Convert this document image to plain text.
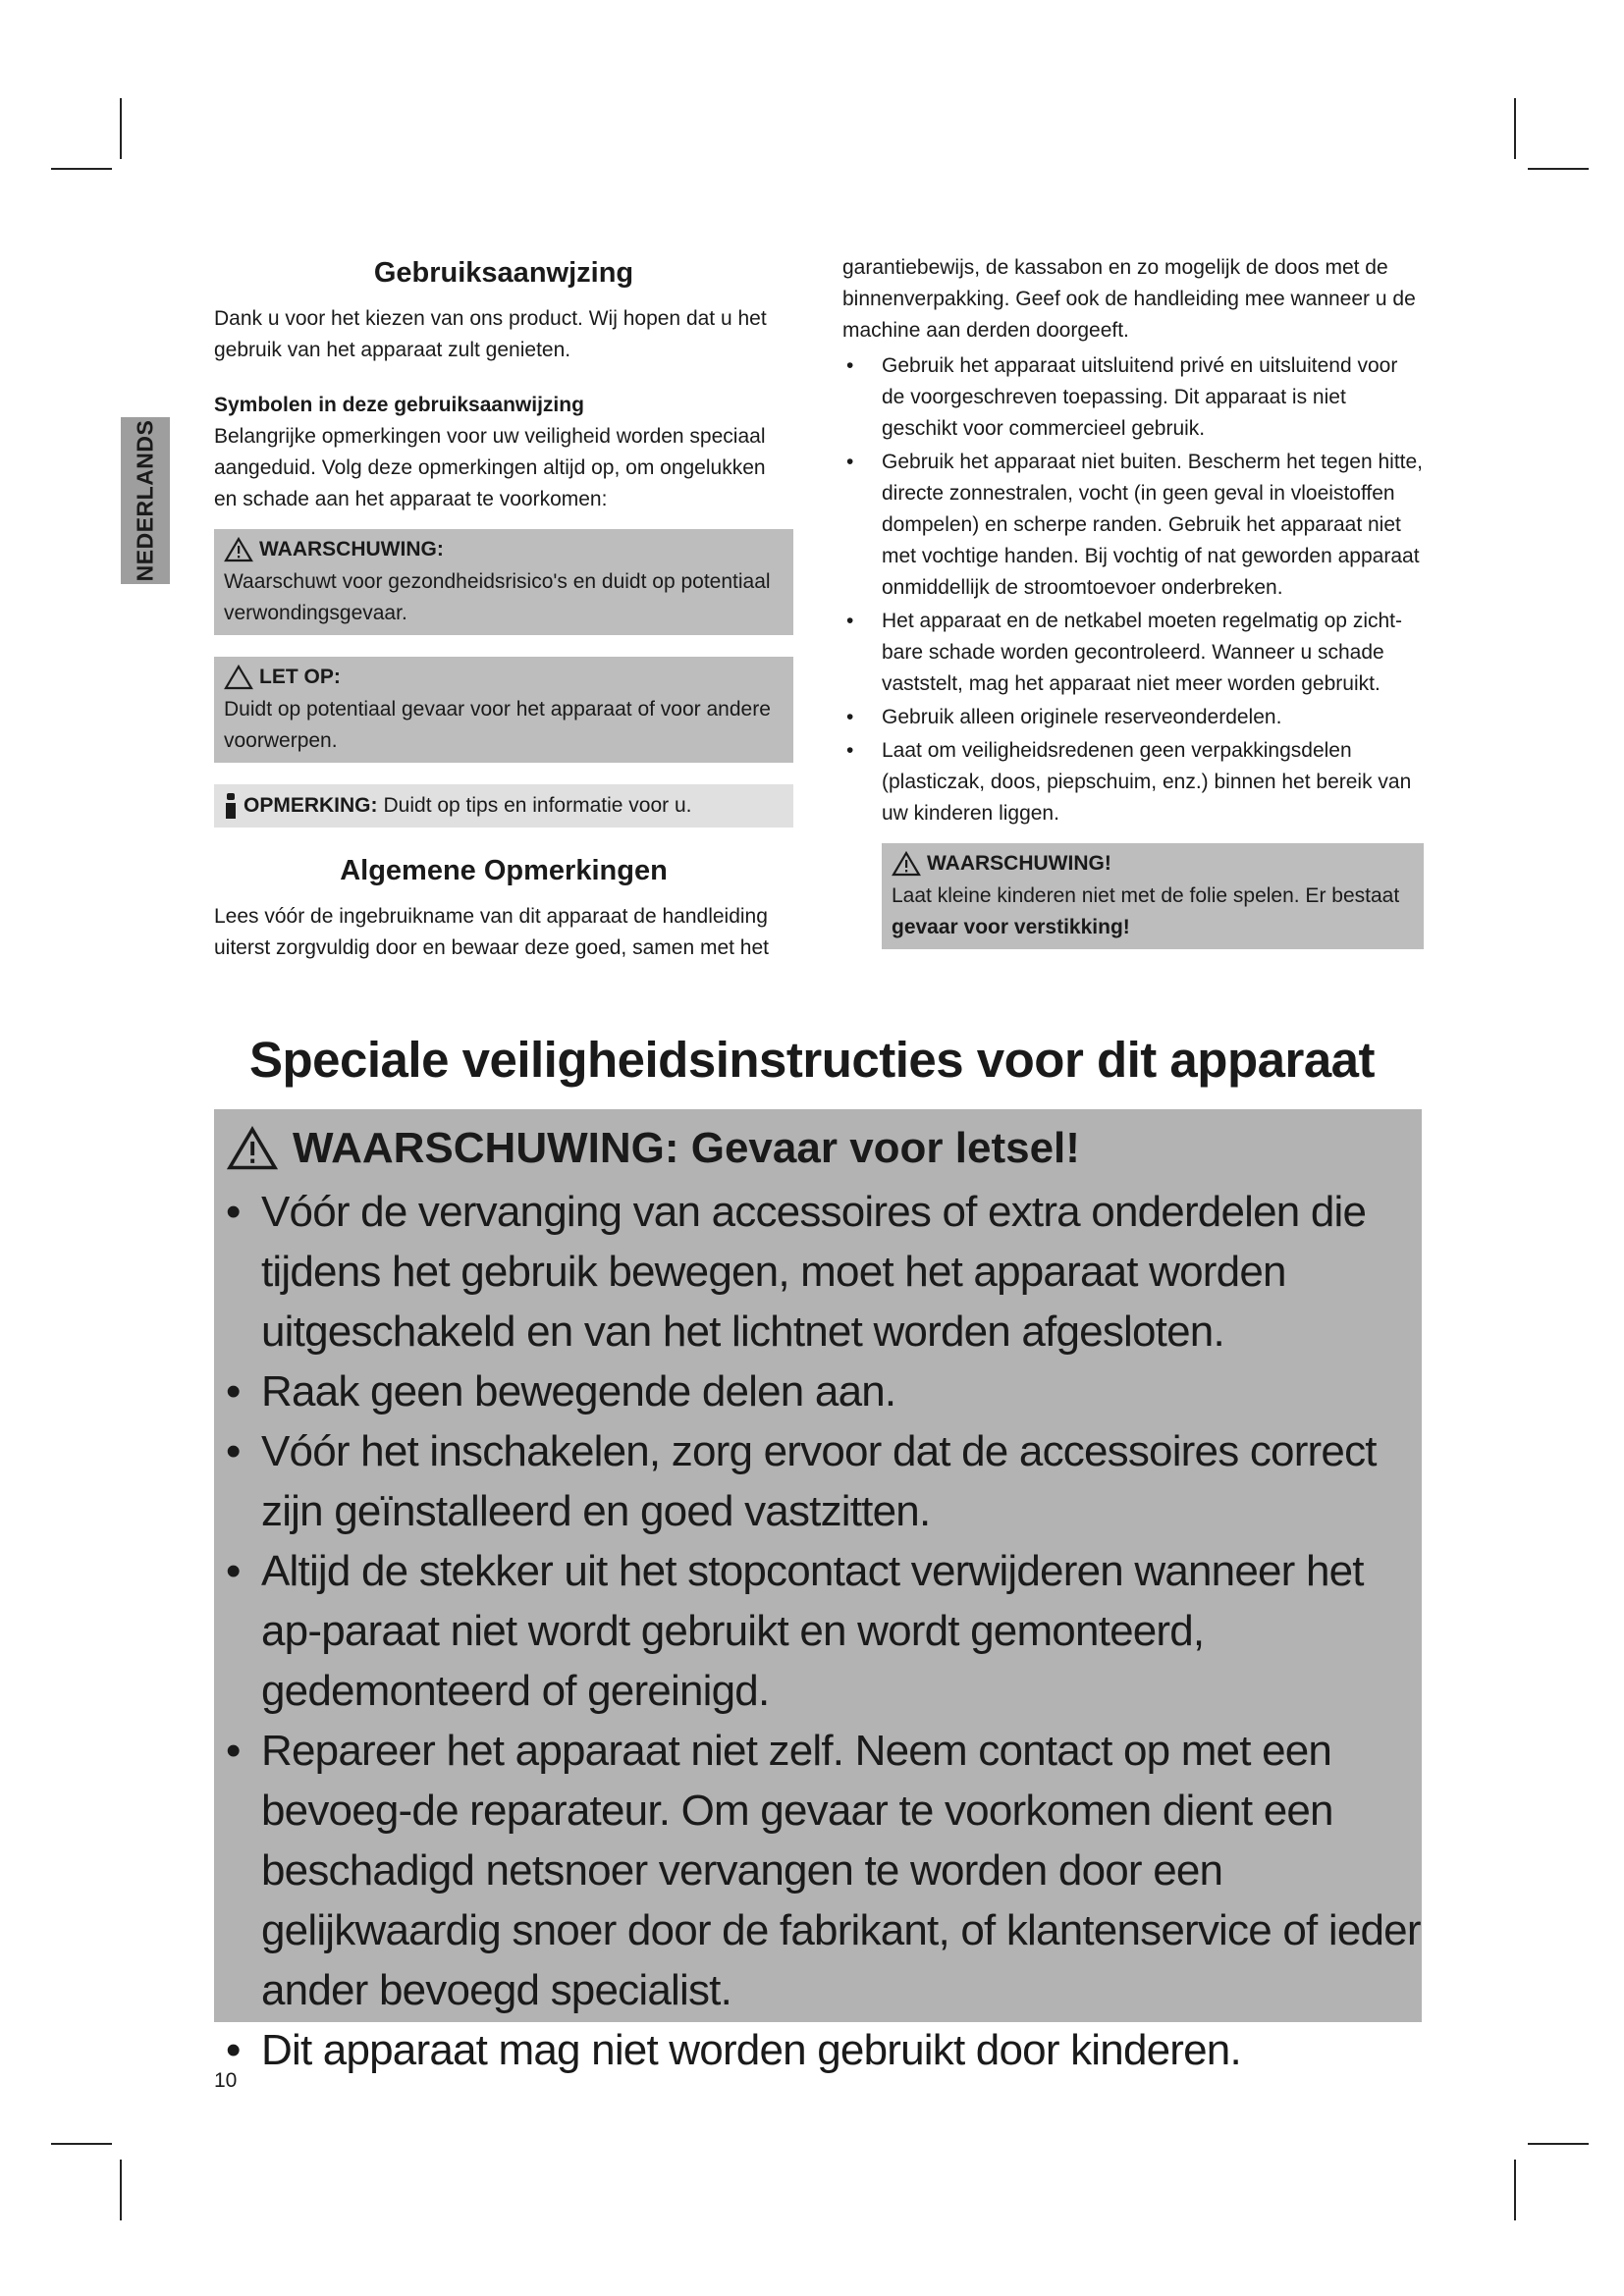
NEDERLANDS
Gebruiksaanwjzing

Dank u voor het kiezen van ons product. Wij hopen dat u het gebruik van het apparaat zult genieten.

Symbolen in deze gebruiksaanwijzing

Belangrijke opmerkingen voor uw veiligheid worden speciaal aangeduid. Volg deze opmerkingen altijd op, om ongelukken en schade aan het apparaat te voorkomen:

WAARSCHUWING:
Waarschuwt voor gezondheidsrisico's en duidt op potentiaal verwondingsgevaar.
LET OP:
Duidt op potentiaal gevaar voor het apparaat of voor andere voorwerpen.
OPMERKING: Duidt op tips en informatie voor u.
Algemene Opmerkingen

Lees vóór de ingebruikname van dit apparaat de handleiding uiterst zorgvuldig door en bewaar deze goed, samen met het

garantiebewijs, de kassabon en zo mogelijk de doos met de binnenverpakking. Geef ook de handleiding mee wanneer u de machine aan derden doorgeeft.

• Gebruik het apparaat uitsluitend privé en uitsluitend voor de voorgeschreven toepassing. Dit apparaat is niet geschikt voor commercieel gebruik.
• Gebruik het apparaat niet buiten. Bescherm het tegen hitte, directe zonnestralen, vocht (in geen geval in vloeistoffen dompelen) en scherpe randen. Gebruik het apparaat niet met vochtige handen. Bij vochtig of nat geworden apparaat onmiddellijk de stroomtoevoer onderbreken.
• Het apparaat en de netkabel moeten regelmatig op zicht-bare schade worden gecontroleerd. Wanneer u schade vaststelt, mag het apparaat niet meer worden gebruikt.
• Gebruik alleen originele reserveonderdelen.
• Laat om veiligheidsredenen geen verpakkingsdelen (plasticzak, doos, piepschuim, enz.) binnen het bereik van uw kinderen liggen.
WAARSCHUWING!
Laat kleine kinderen niet met de folie spelen. Er bestaat gevaar voor verstikking!
Speciale veiligheidsinstructies voor dit apparaat
WAARSCHUWING: Gevaar voor letsel!
• Vóór de vervanging van accessoires of extra onderdelen die tijdens het gebruik bewegen, moet het apparaat worden uitgeschakeld en van het lichtnet worden afgesloten.
• Raak geen bewegende delen aan.
• Vóór het inschakelen, zorg ervoor dat de accessoires correct zijn geïnstalleerd en goed vastzitten.
• Altijd de stekker uit het stopcontact verwijderen wanneer het ap-paraat niet wordt gebruikt en wordt gemonteerd, gedemonteerd of gereinigd.
• Repareer het apparaat niet zelf. Neem contact op met een bevoeg-de reparateur. Om gevaar te voorkomen dient een beschadigd netsnoer vervangen te worden door een gelijkwaardig snoer door de fabrikant, of klantenservice of ieder ander bevoegd specialist.
• Dit apparaat mag niet worden gebruikt door kinderen.
10
